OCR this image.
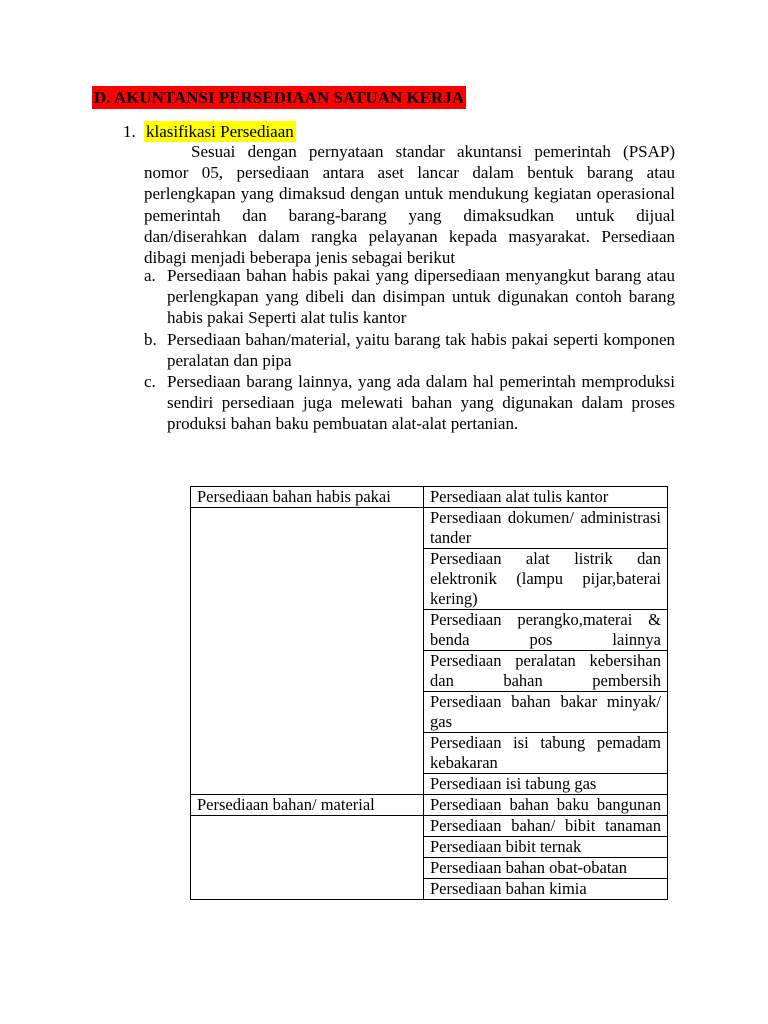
D. AKUNTANSI PERSEDIAAN SATUAN KERJA
1. klasifikasi Persediaan

Sesuai dengan pernyataan standar akuntansi pemerintah (PSAP) nomor 05, persediaan antara aset lancar dalam bentuk barang atau perlengkapan yang dimaksud dengan untuk mendukung kegiatan operasional pemerintah dan barang-barang yang dimaksudkan untuk dijual dan/diserahkan dalam rangka pelayanan kepada masyarakat. Persediaan dibagi menjadi beberapa jenis sebagai berikut

a. Persediaan bahan habis pakai yang dipersediaan menyangkut barang atau perlengkapan yang dibeli dan disimpan untuk digunakan contoh barang habis pakai Seperti alat tulis kantor
b. Persediaan bahan/material, yaitu barang tak habis pakai seperti komponen peralatan dan pipa
c. Persediaan barang lainnya, yang ada dalam hal pemerintah memproduksi sendiri persediaan juga melewati bahan yang digunakan dalam proses produksi bahan baku pembuatan alat-alat pertanian.
Persediaan bahan habis pakai	Persediaan alat tulis kantor

	Persediaan dokumen/ administrasi tander

	Persediaan alat listrik dan elektronik (lampu pijar,baterai kering)

	Persediaan perangko,materai & benda pos lainnya

	Persediaan peralatan kebersihan dan bahan pembersih

	Persediaan bahan bakar minyak/ gas

	Persediaan isi tabung pemadam kebakaran

	Persediaan isi tabung gas
Persediaan bahan/ material	Persediaan bahan baku bangunan

	Persediaan bahan/ bibit tanaman

	Persediaan bibit ternak
	Persediaan bahan obat-obatan
	Persediaan bahan kimia
